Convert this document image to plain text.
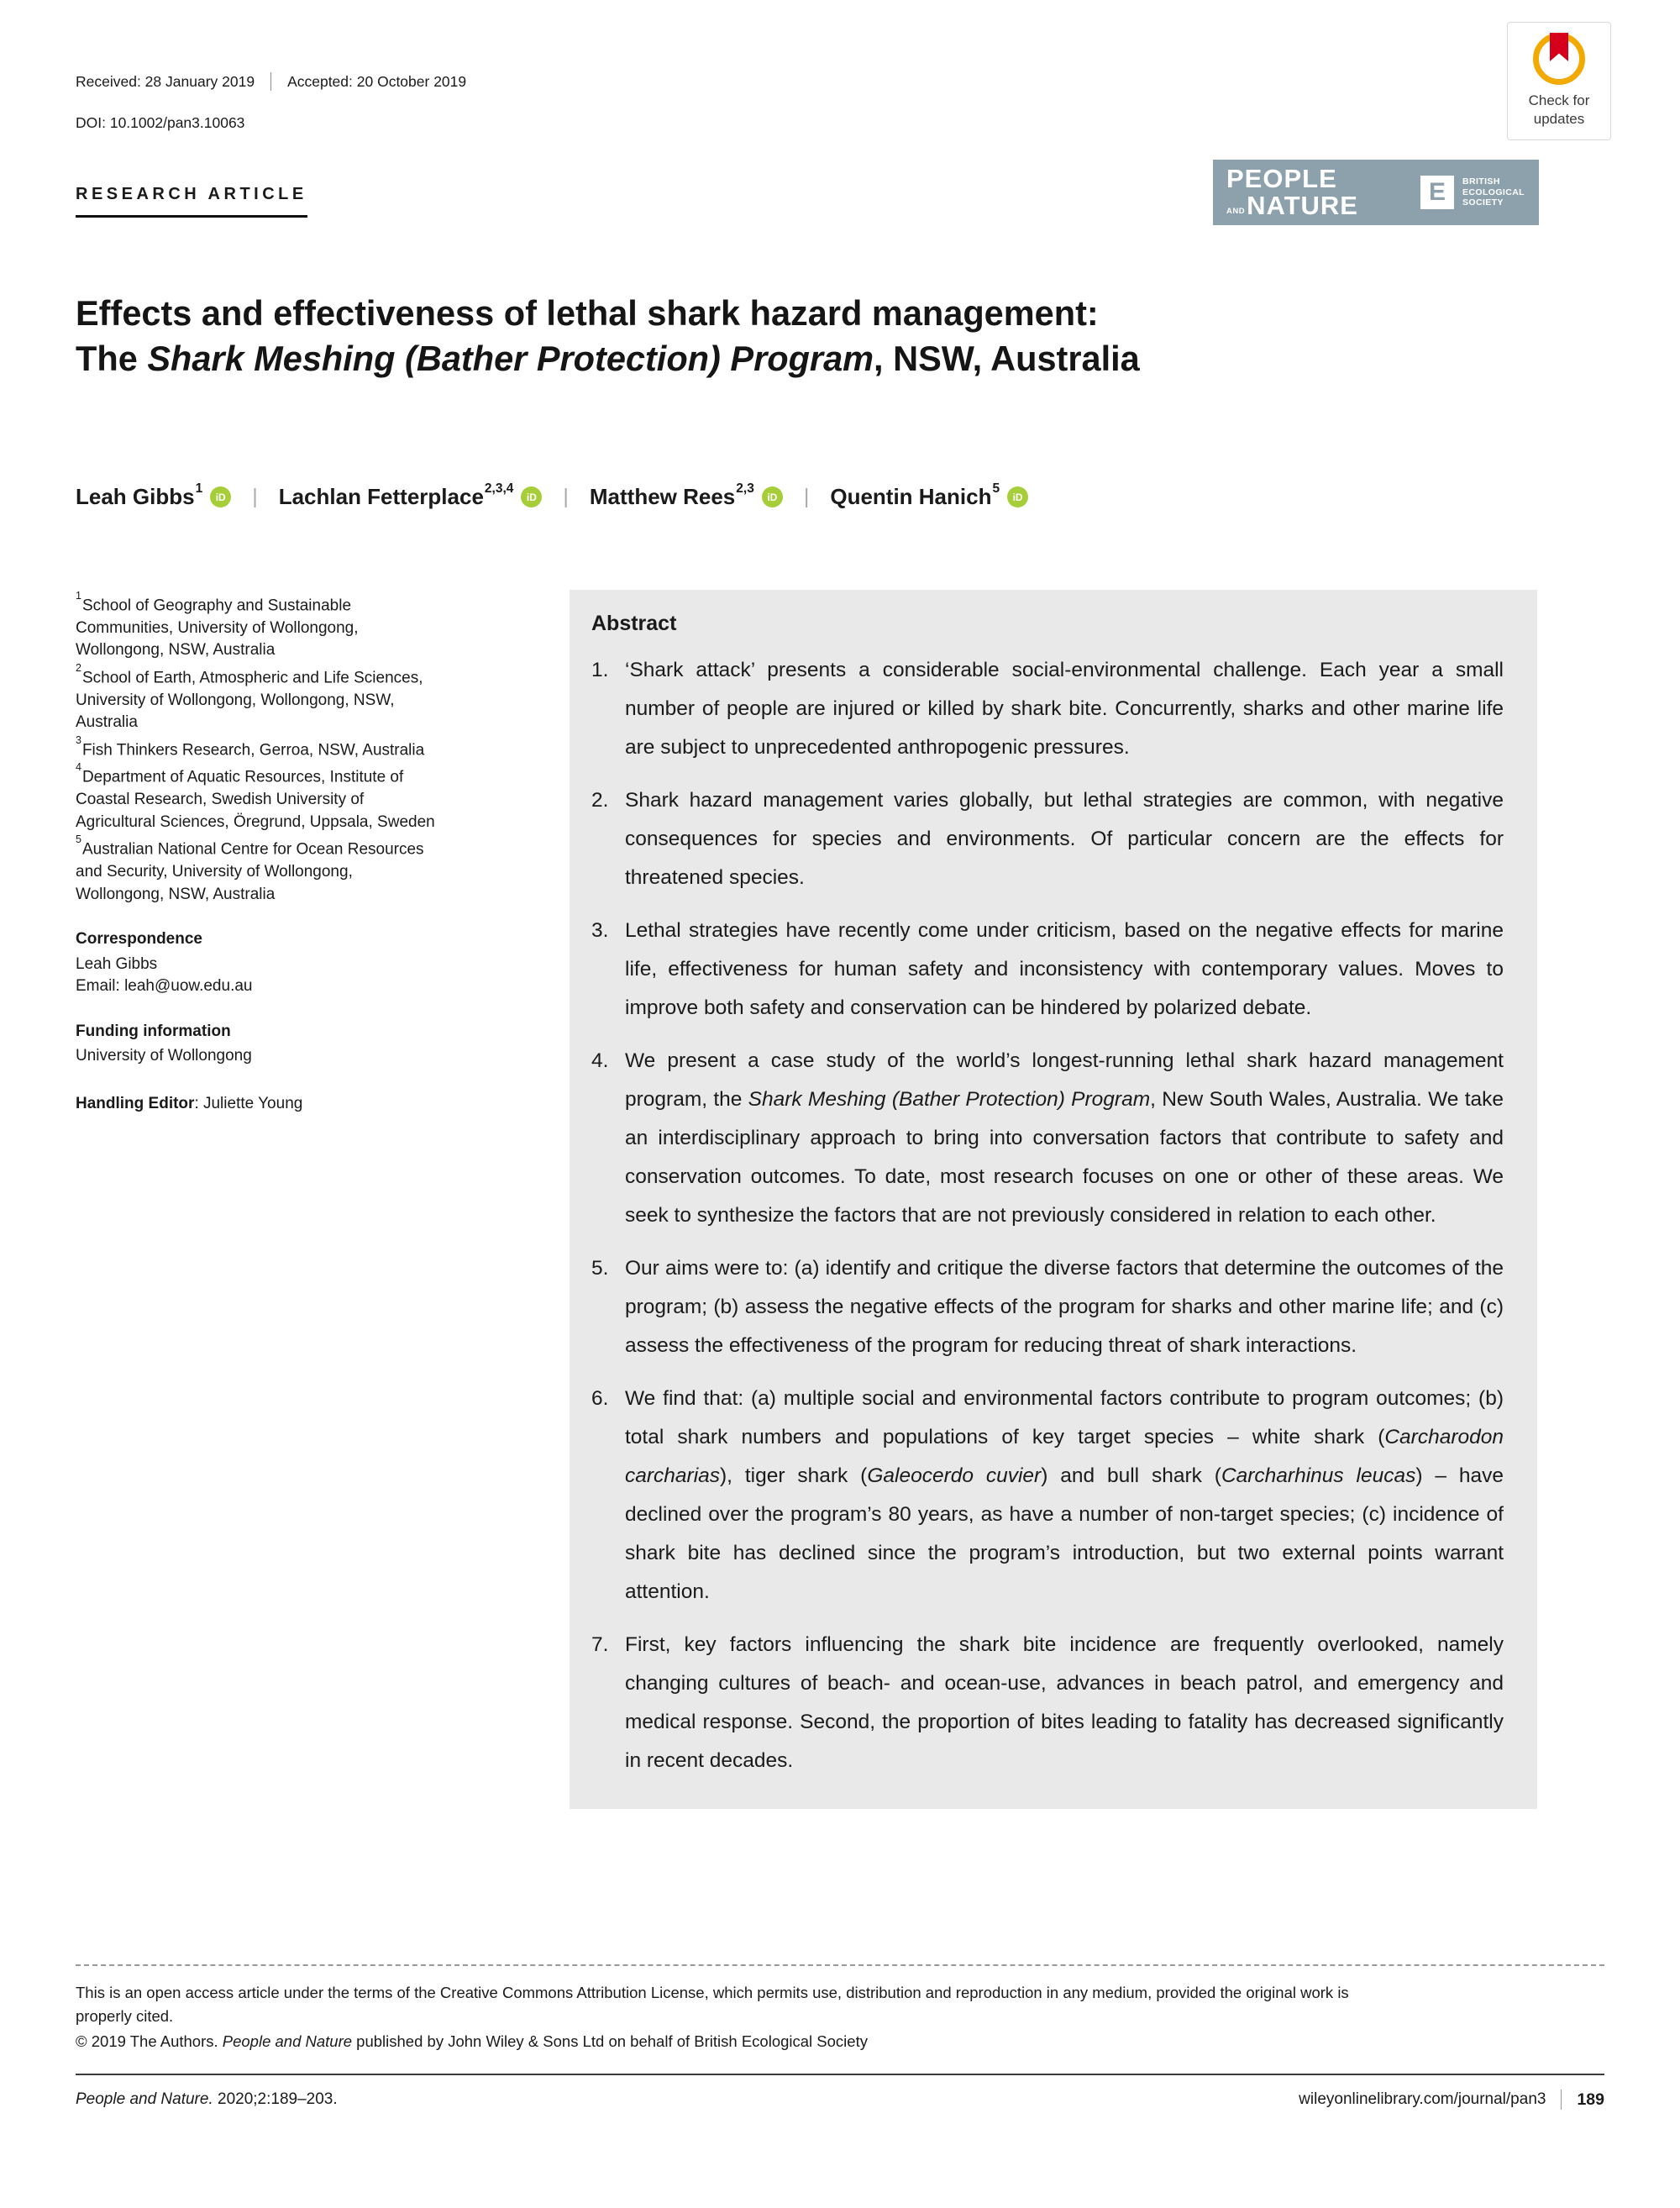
Received: 28 January 2019 Accepted: 20 October 2019
DOI: 10.1002/pan3.10063
Check for updates
RESEARCH ARTICLE
PEOPLE
AND NATURE	E	BRITISH ECOLOGICAL SOCIETY
Effects and effectiveness of lethal shark hazard management:
The Shark Meshing (Bather Protection) Program, NSW, Australia
Leah Gibbs$^1$
iD | Lachlan Fetterplace$^{2,3,4}$
iD | Matthew Rees$^{2,3}$
iD | Quentin Hanich$^5$
iD

$^1$School of Geography and Sustainable Communities, University of Wollongong, Wollongong, NSW, Australia

$^2$School of Earth, Atmospheric and Life Sciences, University of Wollongong, Wollongong, NSW, Australia

$^3$Fish Thinkers Research, Gerroa, NSW, Australia

$^4$Department of Aquatic Resources, Institute of Coastal Research, Swedish University of Agricultural Sciences, Öregrund, Uppsala, Sweden

$^5$Australian National Centre for Ocean Resources and Security, University of Wollongong, Wollongong, NSW, Australia

Correspondence

Leah Gibbs

Email: leah@uow.edu.au

Funding information

University of Wollongong

Handling Editor: Juliette Young

Abstract
1. ‘Shark attack’ presents a considerable social-environmental challenge. Each year a small number of people are injured or killed by shark bite. Concurrently, sharks and other marine life are subject to unprecedented anthropogenic pressures.
2. Shark hazard management varies globally, but lethal strategies are common, with negative consequences for species and environments. Of particular concern are the effects for threatened species.
3. Lethal strategies have recently come under criticism, based on the negative effects for marine life, effectiveness for human safety and inconsistency with contemporary values. Moves to improve both safety and conservation can be hindered by polarized debate.
4. We present a case study of the world’s longest-running lethal shark hazard management program, the Shark Meshing (Bather Protection) Program, New South Wales, Australia. We take an interdisciplinary approach to bring into conversation factors that contribute to safety and conservation outcomes. To date, most research focuses on one or other of these areas. We seek to synthesize the factors that are not previously considered in relation to each other.
5. Our aims were to: (a) identify and critique the diverse factors that determine the outcomes of the program; (b) assess the negative effects of the program for sharks and other marine life; and (c) assess the effectiveness of the program for reducing threat of shark interactions.
6. We find that: (a) multiple social and environmental factors contribute to program outcomes; (b) total shark numbers and populations of key target species – white shark (Carcharodon carcharias), tiger shark (Galeocerdo cuvier) and bull shark (Carcharhinus leucas) – have declined over the program’s 80 years, as have a number of non-target species; (c) incidence of shark bite has declined since the program’s introduction, but two external points warrant attention.
7. First, key factors influencing the shark bite incidence are frequently overlooked, namely changing cultures of beach- and ocean-use, advances in beach patrol, and emergency and medical response. Second, the proportion of bites leading to fatality has decreased significantly in recent decades.

This is an open access article under the terms of the Creative Commons Attribution License, which permits use, distribution and reproduction in any medium, provided the original work is properly cited.

© 2019 The Authors. People and Nature published by John Wiley & Sons Ltd on behalf of British Ecological Society

People and Nature. 2020;2:189–203.	wileyonlinelibrary.com/journal/pan3 189
